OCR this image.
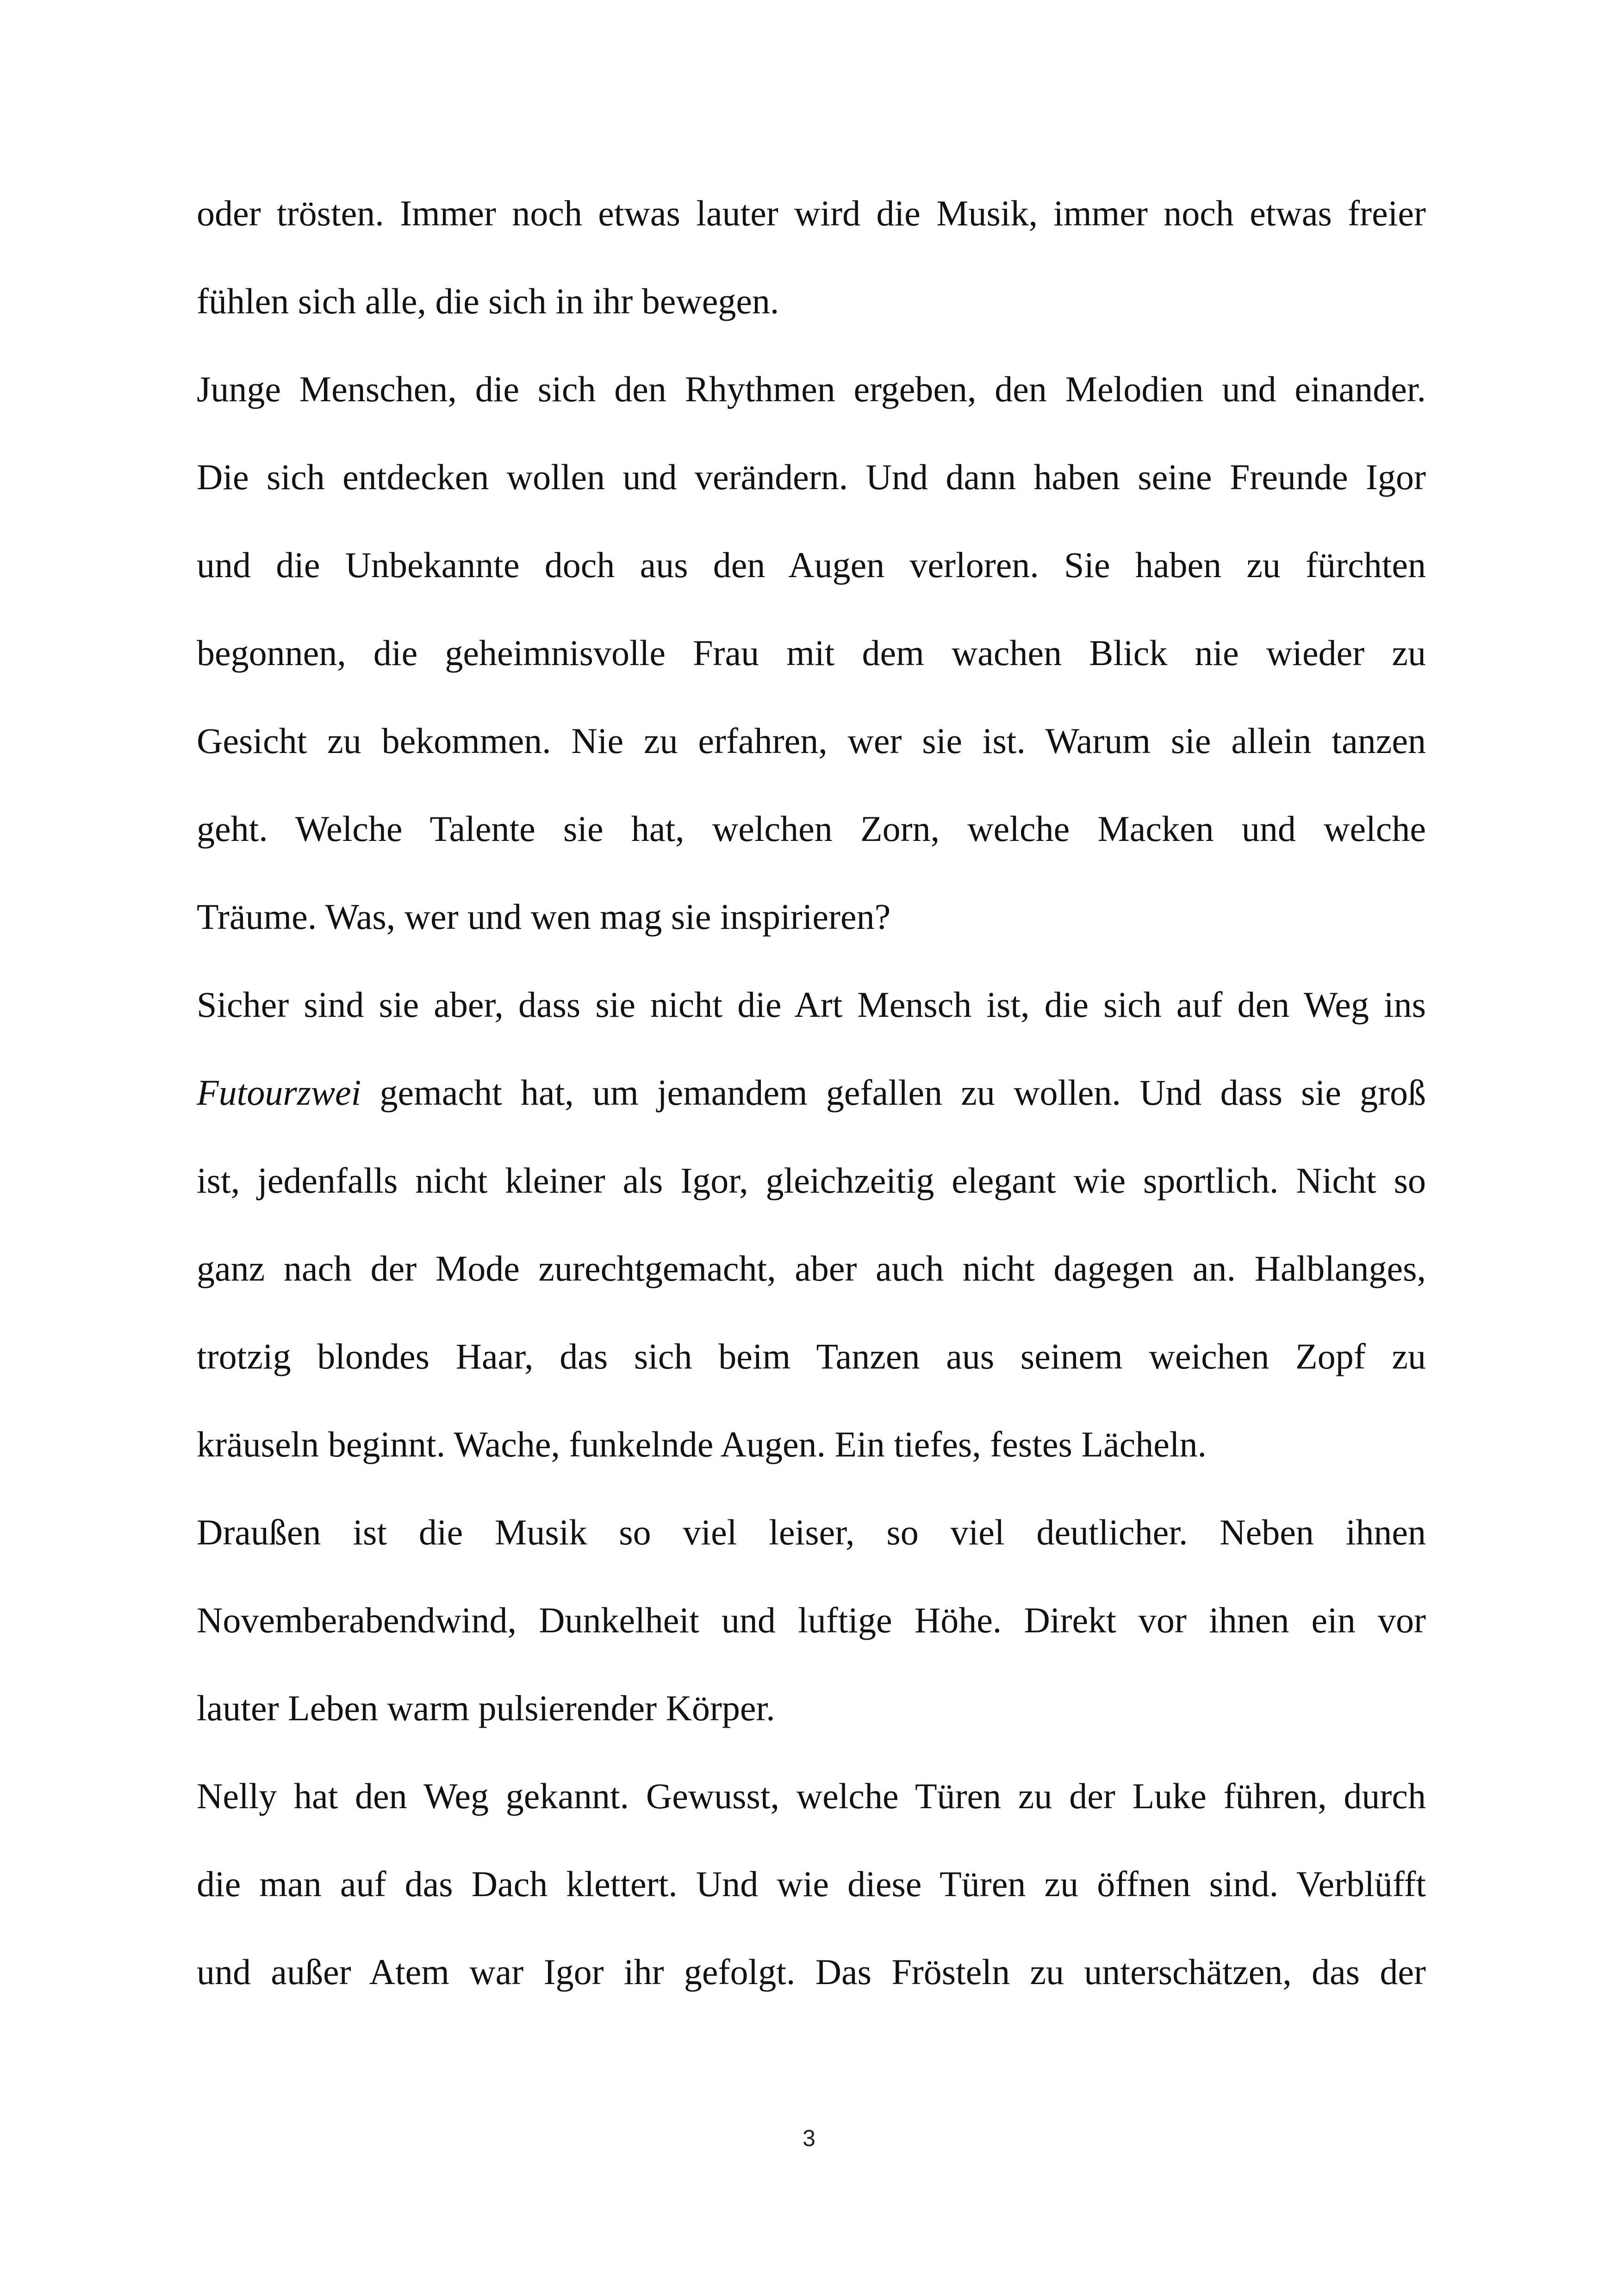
oder trösten. Immer noch etwas lauter wird die Musik, immer noch etwas freier
fühlen sich alle, die sich in ihr bewegen.
Junge Menschen, die sich den Rhythmen ergeben, den Melodien und einander.
Die sich entdecken wollen und verändern. Und dann haben seine Freunde Igor
und die Unbekannte doch aus den Augen verloren. Sie haben zu fürchten
begonnen, die geheimnisvolle Frau mit dem wachen Blick nie wieder zu
Gesicht zu bekommen. Nie zu erfahren, wer sie ist. Warum sie allein tanzen
geht. Welche Talente sie hat, welchen Zorn, welche Macken und welche
Träume. Was, wer und wen mag sie inspirieren?
Sicher sind sie aber, dass sie nicht die Art Mensch ist, die sich auf den Weg ins
Futourzwei gemacht hat, um jemandem gefallen zu wollen. Und dass sie groß
ist, jedenfalls nicht kleiner als Igor, gleichzeitig elegant wie sportlich. Nicht so
ganz nach der Mode zurechtgemacht, aber auch nicht dagegen an. Halblanges,
trotzig blondes Haar, das sich beim Tanzen aus seinem weichen Zopf zu
kräuseln beginnt. Wache, funkelnde Augen. Ein tiefes, festes Lächeln.
Draußen ist die Musik so viel leiser, so viel deutlicher. Neben ihnen
Novemberabendwind, Dunkelheit und luftige Höhe. Direkt vor ihnen ein vor
lauter Leben warm pulsierender Körper.
Nelly hat den Weg gekannt. Gewusst, welche Türen zu der Luke führen, durch
die man auf das Dach klettert. Und wie diese Türen zu öffnen sind. Verblüfft
und außer Atem war Igor ihr gefolgt. Das Frösteln zu unterschätzen, das der
3
